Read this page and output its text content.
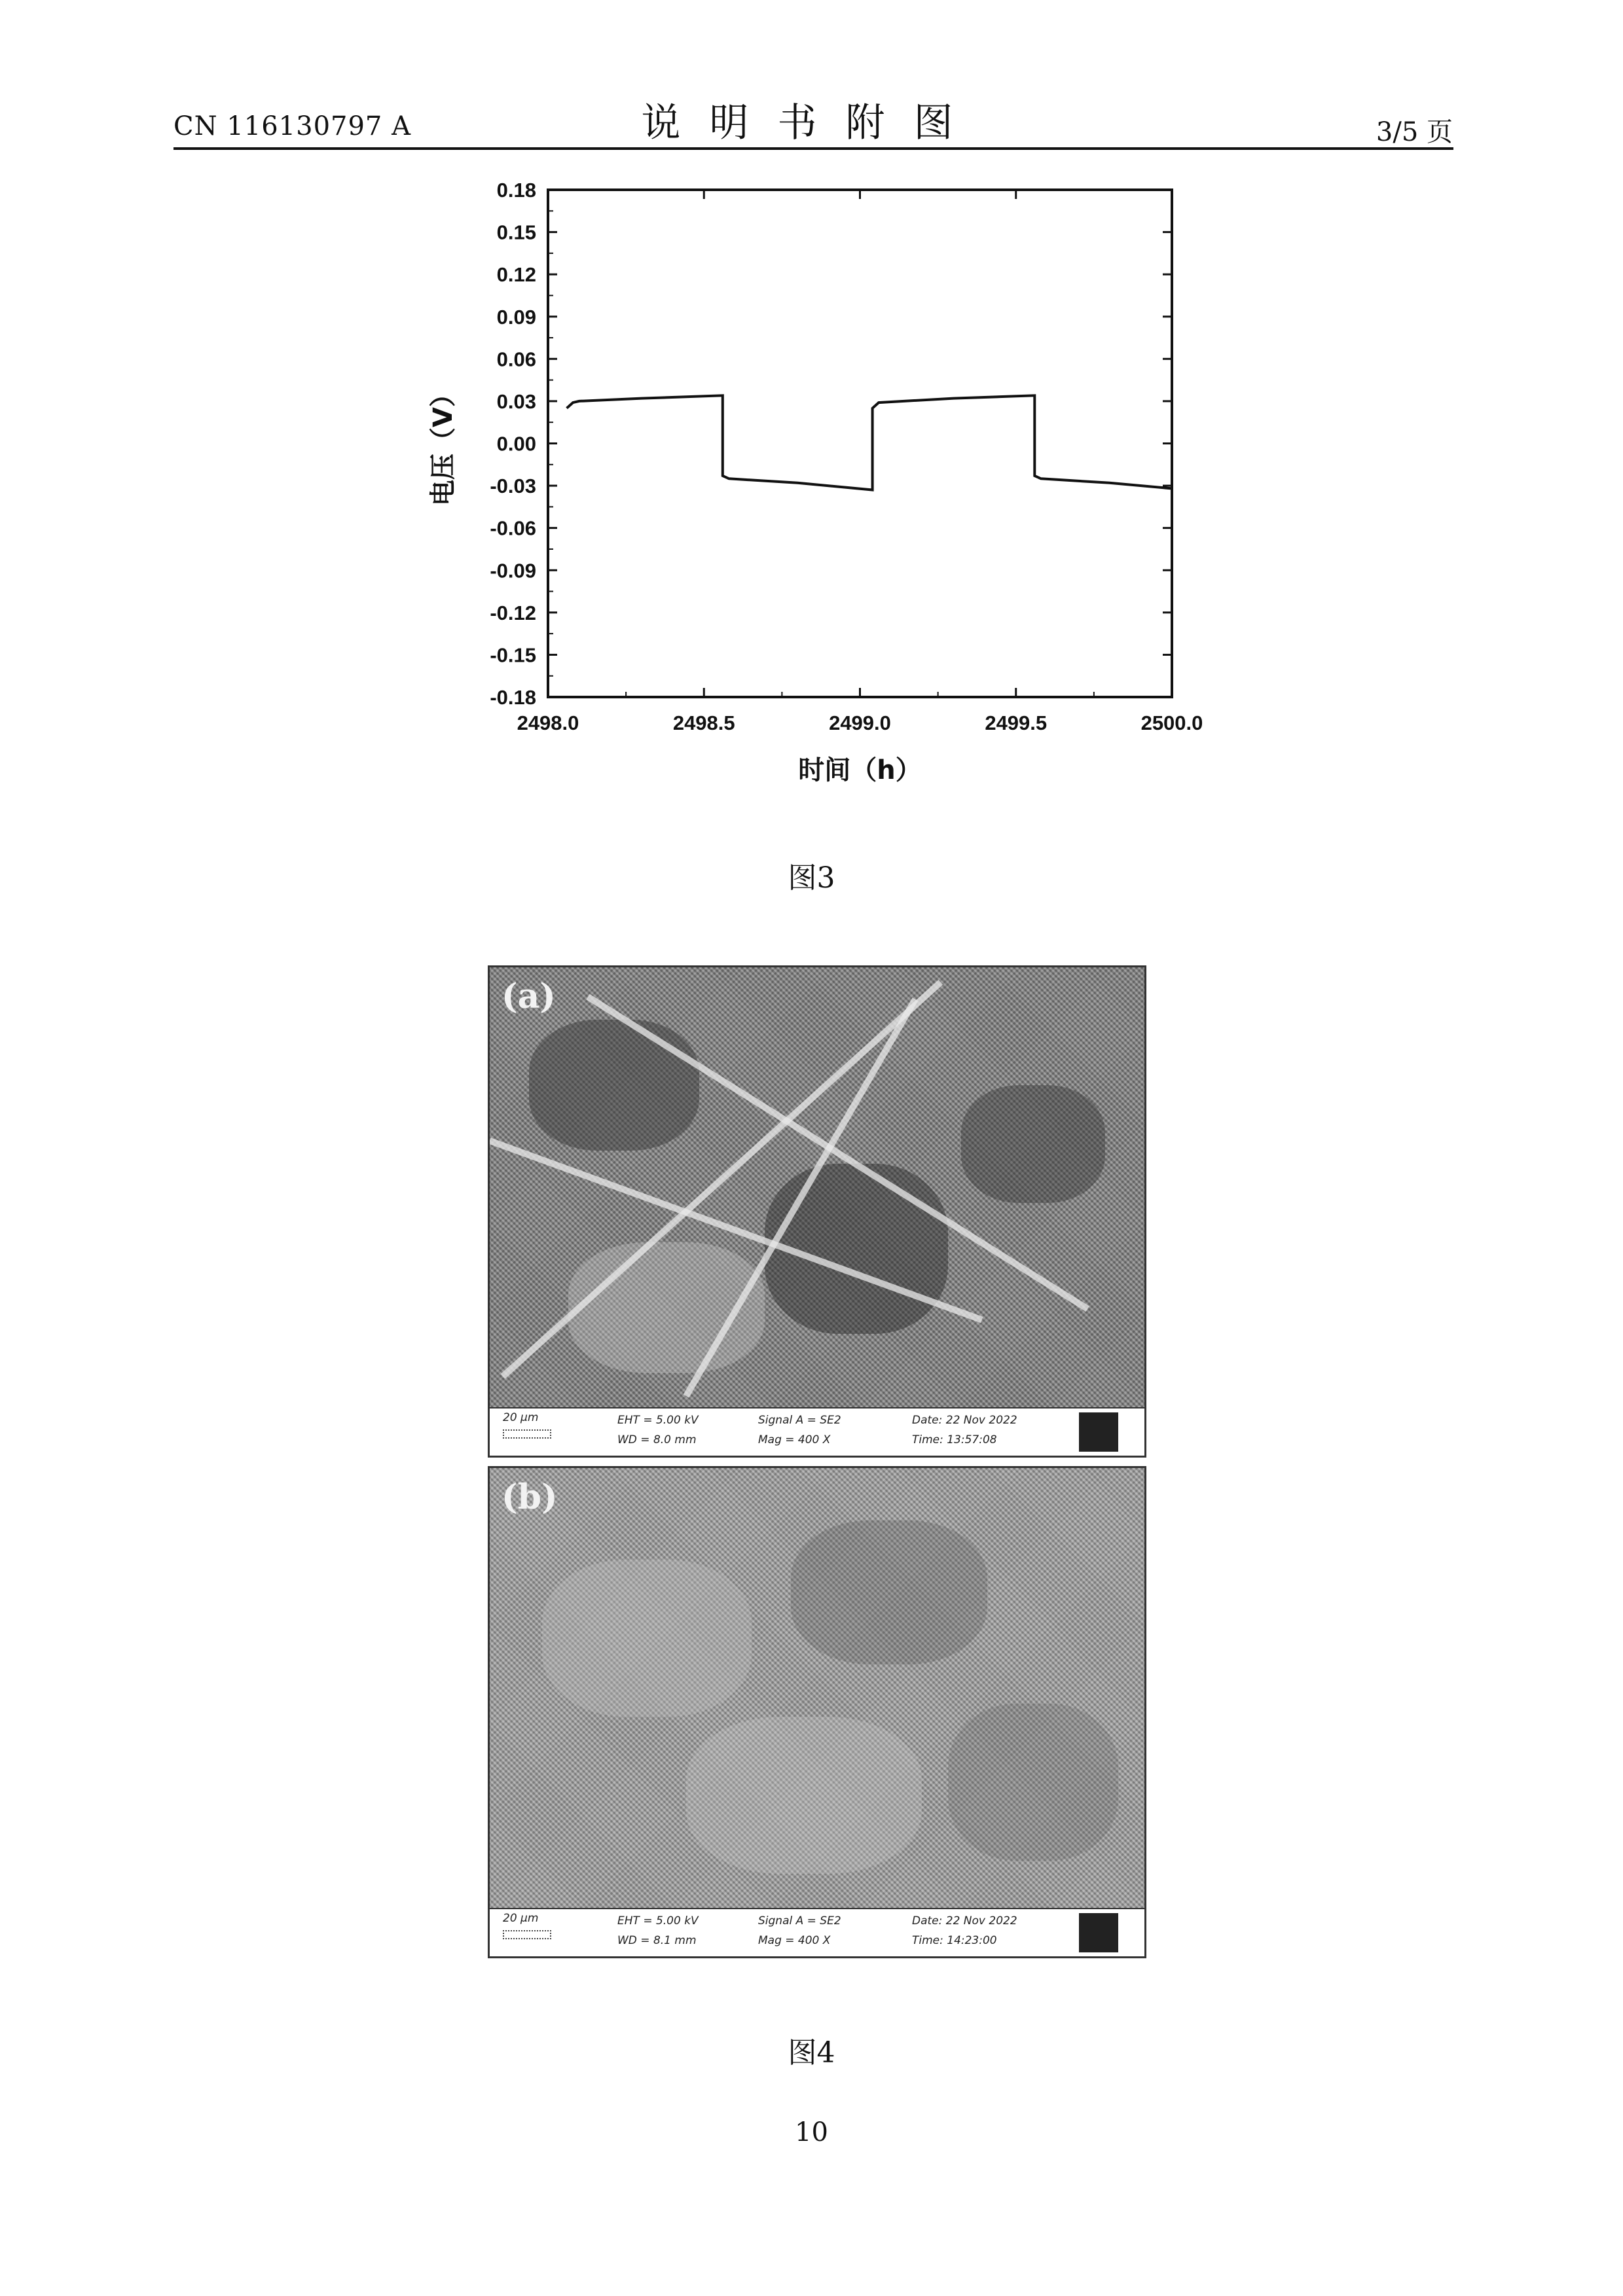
CN 116130797 A	说明书附图	3/5 页
0.18
0.15
0.12
0.09
0.06
0.03
0.00
-0.03
-0.06
-0.09
-0.12
-0.15
-0.18
2498.0	2498.5	2499.0	2499.5	2500.0
时间（h）
电压（V）
图3
(a)
20 µm	EHT = 5.00 kV
WD = 8.0 mm
Signal A = SE2
Mag = 400 X
Date: 22 Nov 2022
Time: 13:57:08
(b)
20 µm	EHT = 5.00 kV
WD = 8.1 mm
Signal A = SE2
Mag = 400 X
Date: 22 Nov 2022
Time: 14:23:00
图4
10
